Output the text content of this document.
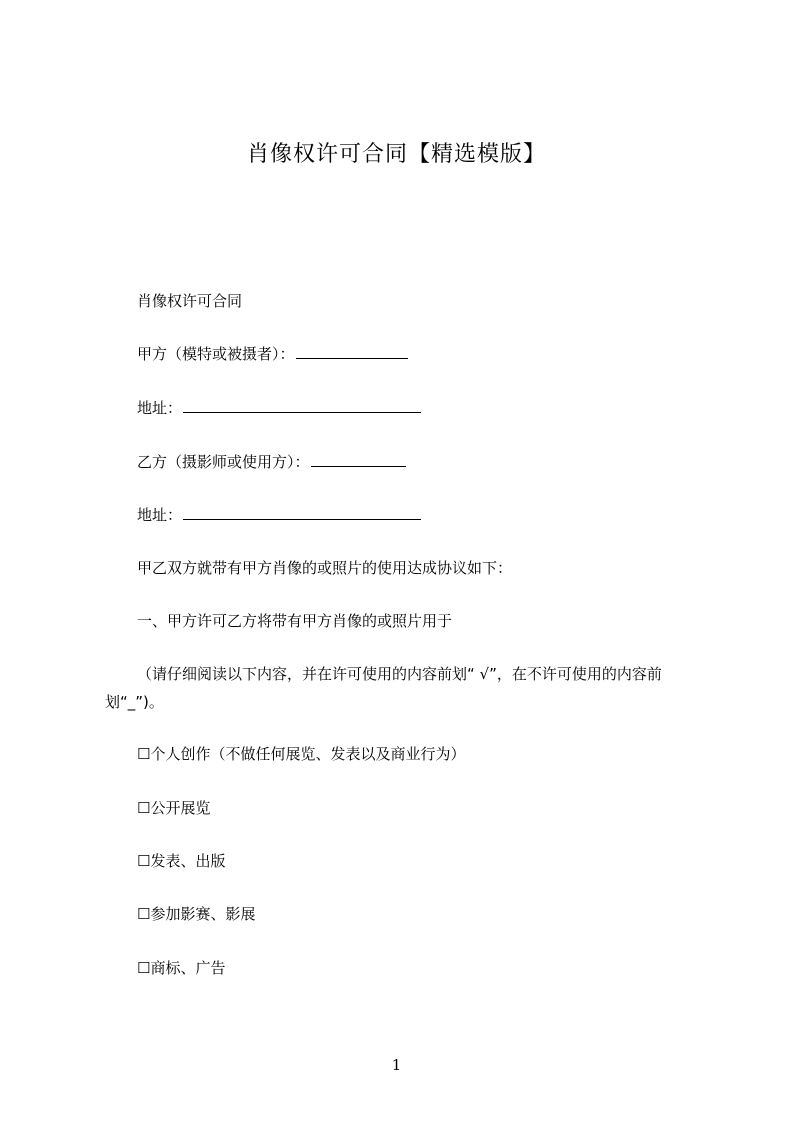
肖像权许可合同【精选模版】
肖像权许可合同
甲方（模特或被摄者）：
地址：
乙方（摄影师或使用方）：
地址：
甲乙双方就带有甲方肖像的或照片的使用达成协议如下：
一、甲方许可乙方将带有甲方肖像的或照片用于
（请仔细阅读以下内容，并在许可使用的内容前划“ √”，在不许可使用的内容前划“_”)。
☐个人创作（不做任何展览、发表以及商业行为）
☐公开展览
☐发表、出版
☐参加影赛、影展
☐商标、广告
1
